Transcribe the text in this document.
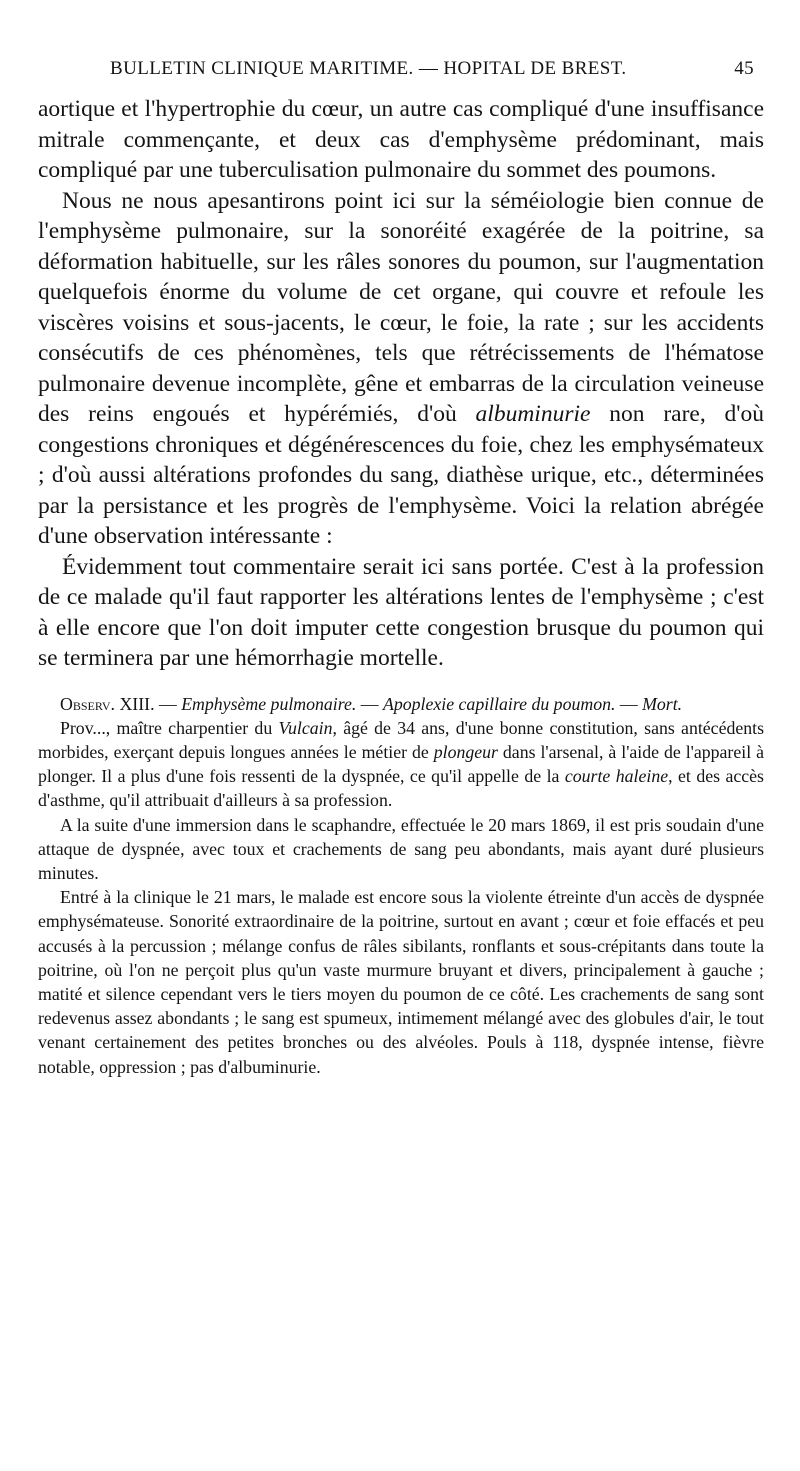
BULLETIN CLINIQUE MARITIME. — HOPITAL DE BREST.	45

aortique et l'hypertrophie du cœur, un autre cas compliqué d'une insuffisance mitrale commençante, et deux cas d'emphysème prédominant, mais compliqué par une tuberculisation pulmonaire du sommet des poumons.

Nous ne nous apesantirons point ici sur la séméiologie bien connue de l'emphysème pulmonaire, sur la sonoréité exagérée de la poitrine, sa déformation habituelle, sur les râles sonores du poumon, sur l'augmentation quelquefois énorme du volume de cet organe, qui couvre et refoule les viscères voisins et sous-jacents, le cœur, le foie, la rate ; sur les accidents consécutifs de ces phénomènes, tels que rétrécissements de l'hématose pulmonaire devenue incomplète, gêne et embarras de la circulation veineuse des reins engoués et hypérémiés, d'où albuminurie non rare, d'où congestions chroniques et dégénérescences du foie, chez les emphysémateux ; d'où aussi altérations profondes du sang, diathèse urique, etc., déterminées par la persistance et les progrès de l'emphysème. Voici la relation abrégée d'une observation intéressante :

Évidemment tout commentaire serait ici sans portée. C'est à la profession de ce malade qu'il faut rapporter les altérations lentes de l'emphysème ; c'est à elle encore que l'on doit imputer cette congestion brusque du poumon qui se terminera par une hémorrhagie mortelle.

Observ. XIII. — Emphysème pulmonaire. — Apoplexie capillaire du poumon. — Mort.

Prov..., maître charpentier du Vulcain, âgé de 34 ans, d'une bonne constitution, sans antécédents morbides, exerçant depuis longues années le métier de plongeur dans l'arsenal, à l'aide de l'appareil à plonger. Il a plus d'une fois ressenti de la dyspnée, ce qu'il appelle de la courte haleine, et des accès d'asthme, qu'il attribuait d'ailleurs à sa profession.

A la suite d'une immersion dans le scaphandre, effectuée le 20 mars 1869, il est pris soudain d'une attaque de dyspnée, avec toux et crachements de sang peu abondants, mais ayant duré plusieurs minutes.

Entré à la clinique le 21 mars, le malade est encore sous la violente étreinte d'un accès de dyspnée emphysémateuse. Sonorité extraordinaire de la poitrine, surtout en avant ; cœur et foie effacés et peu accusés à la percussion ; mélange confus de râles sibilants, ronflants et sous-crépitants dans toute la poitrine, où l'on ne perçoit plus qu'un vaste murmure bruyant et divers, principalement à gauche ; matité et silence cependant vers le tiers moyen du poumon de ce côté. Les crachements de sang sont redevenus assez abondants ; le sang est spumeux, intimement mélangé avec des globules d'air, le tout venant certainement des petites bronches ou des alvéoles. Pouls à 118, dyspnée intense, fièvre notable, oppression ; pas d'albuminurie.
